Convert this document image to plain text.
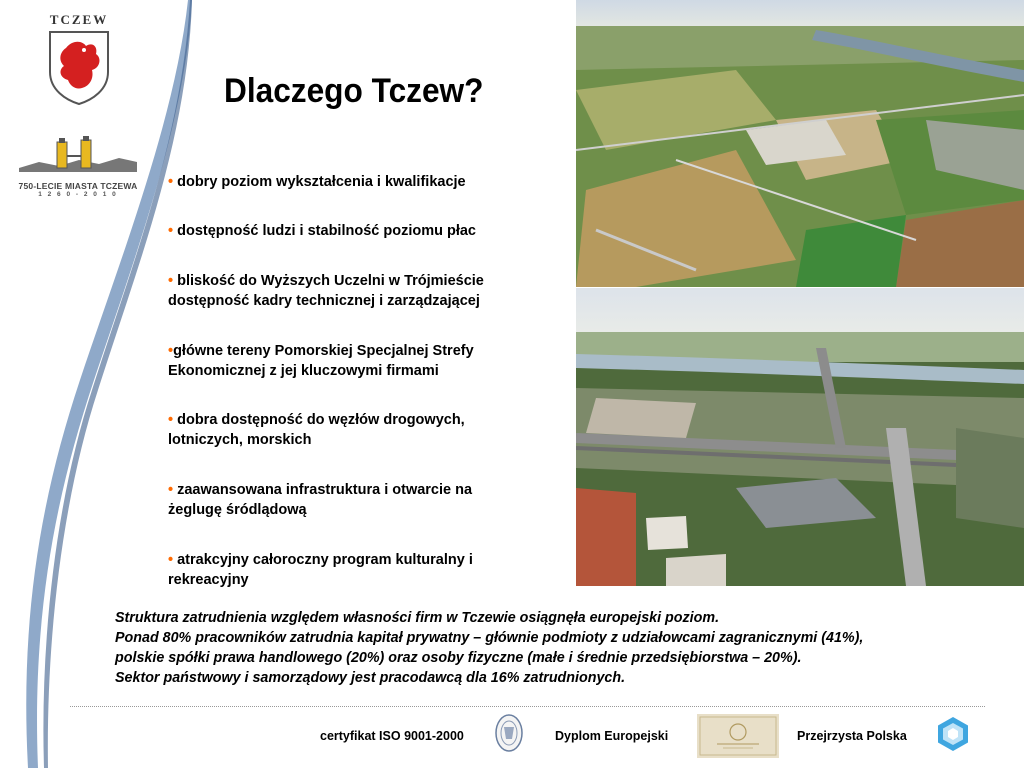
TCZEW
750-LECIE MIASTA TCZEWA
1 2 6 0 - 2 0 1 0
Dlaczego Tczew?
• dobry poziom wykształcenia i kwalifikacje
• dostępność ludzi i stabilność poziomu płac
• bliskość do Wyższych Uczelni w Trójmieście dostępność kadry technicznej i zarządzającej
•główne tereny Pomorskiej Specjalnej Strefy Ekonomicznej z jej kluczowymi firmami
• dobra dostępność do węzłów drogowych, lotniczych, morskich
• zaawansowana infrastruktura i otwarcie na żeglugę śródlądową
• atrakcyjny całoroczny program kulturalny i rekreacyjny
Struktura zatrudnienia względem własności firm w Tczewie osiągnęła europejski poziom.
Ponad 80% pracowników zatrudnia kapitał prywatny – głównie podmioty z udziałowcami zagranicznymi (41%),
polskie spółki prawa handlowego (20%) oraz osoby fizyczne (małe i średnie przedsiębiorstwa – 20%).
Sektor państwowy i samorządowy jest pracodawcą dla 16% zatrudnionych.
certyfikat ISO 9001-2000	Dyplom Europejski	Przejrzysta Polska
